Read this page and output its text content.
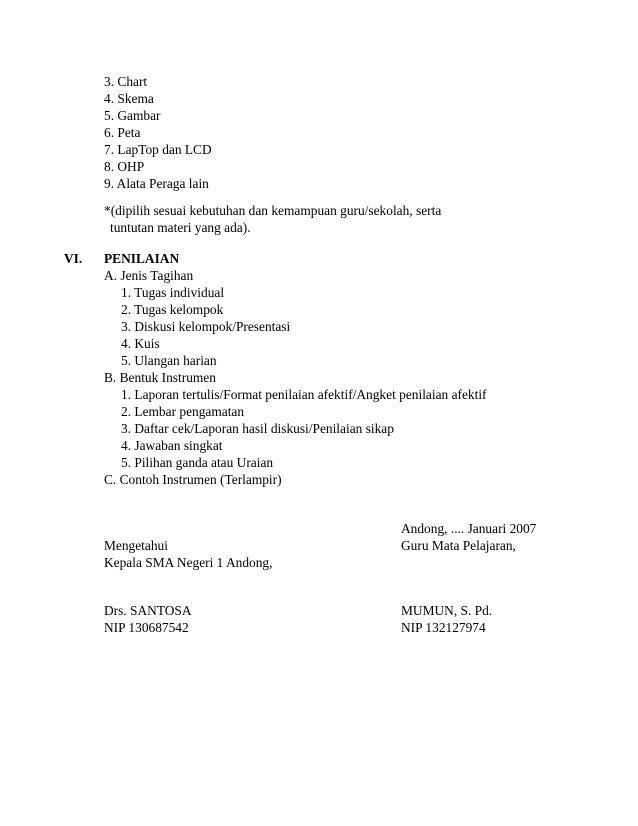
3. Chart
4. Skema
5. Gambar
6. Peta
7. LapTop dan LCD
8. OHP
9. Alata Peraga lain
*(dipilih sesuai kebutuhan dan kemampuan guru/sekolah, serta
tuntutan materi yang ada).
VI. PENILAIAN
A. Jenis Tagihan
1. Tugas individual
2. Tugas kelompok
3. Diskusi kelompok/Presentasi
4. Kuis
5. Ulangan harian
B. Bentuk Instrumen
1. Laporan tertulis/Format penilaian afektif/Angket penilaian afektif
2. Lembar pengamatan
3. Daftar cek/Laporan hasil diskusi/Penilaian sikap
4. Jawaban singkat
5. Pilihan ganda atau Uraian
C. Contoh Instrumen (Terlampir)
Andong, .... Januari 2007
Mengetahui	Guru Mata Pelajaran,
Kepala SMA Negeri 1 Andong,
Drs. SANTOSA	MUMUN, S. Pd.
NIP 130687542	NIP 132127974
